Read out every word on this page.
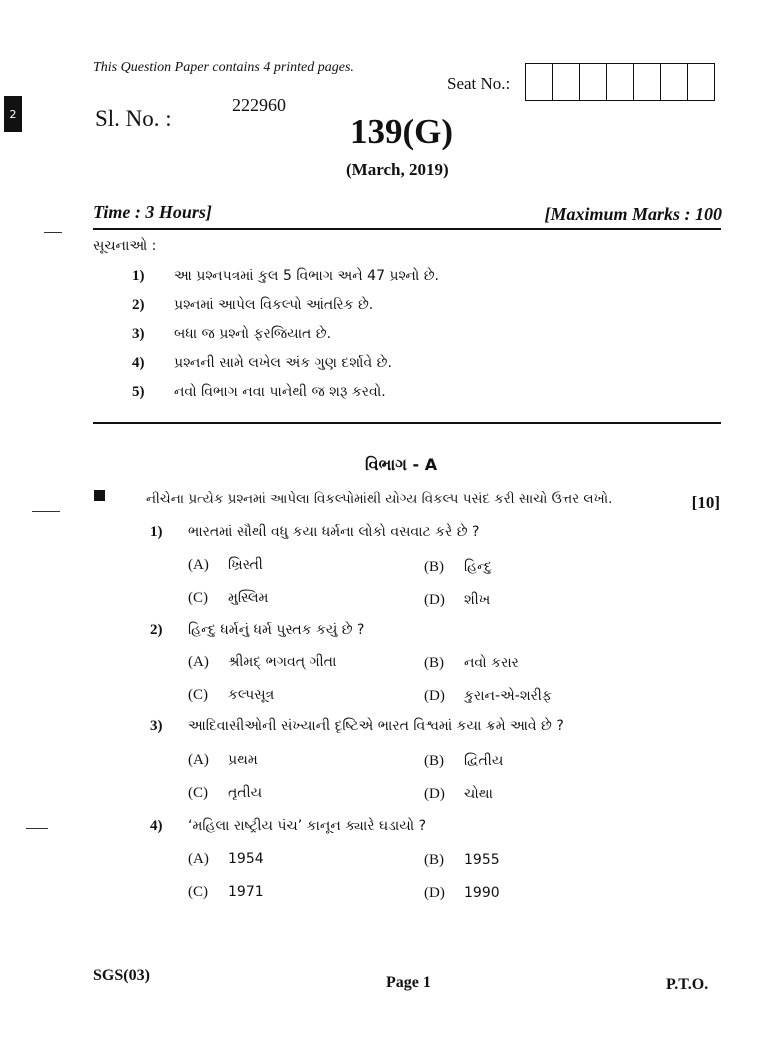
2
This Question Paper contains 4 printed pages.
Seat No.:
Sl. No. :
222960
139(G)
(March, 2019)
Time : 3 Hours]	[Maximum Marks : 100
સૂચનાઓ :
1)	આ પ્રશ્નપત્રમાં કુલ 5 વિભાગ અને 47 પ્રશ્નો છે.
2)	પ્રશ્નમાં આપેલ વિકલ્પો આંતરિક છે.
3)	બધા જ પ્રશ્નો ફરજિયાત છે.
4)	પ્રશ્નની સામે લખેલ અંક ગુણ દર્શાવે છે.
5)	નવો વિભાગ નવા પાનેથી જ શરૂ કરવો.
વિભાગ - A
નીચેના પ્રત્યેક પ્રશ્નમાં આપેલા વિકલ્પોમાંથી યોગ્ય વિકલ્પ પસંદ કરી સાચો ઉત્તર લખો.	[10]
1) ભારતમાં સૌથી વધુ કયા ધર્મના લોકો વસવાટ કરે છે ?
(A)	ખ્રિસ્તી	(B)	હિન્દુ
(C)	મુસ્લિમ	(D)	શીખ
2) હિન્દુ ધર્મનું ધર્મ પુસ્તક કયું છે ?
(A)	શ્રીમદ્ ભગવત્ ગીતા	(B)	નવો કરાર
(C)	કલ્પસૂત્ર	(D)	કુરાન-એ-શરીફ
3) આદિવાસીઓની સંખ્યાની દૃષ્ટિએ ભારત વિશ્વમાં કયા ક્રમે આવે છે ?
(A)	પ્રથમ	(B)	દ્વિતીય
(C)	તૃતીય	(D)	ચોથા
4) ‘મહિલા રાષ્ટ્રીય પંચ’ કાનૂન ક્યારે ઘડાયો ?
(A)	1954	(B)	1955
(C)	1971	(D)	1990
SGS(03)	Page 1	P.T.O.
